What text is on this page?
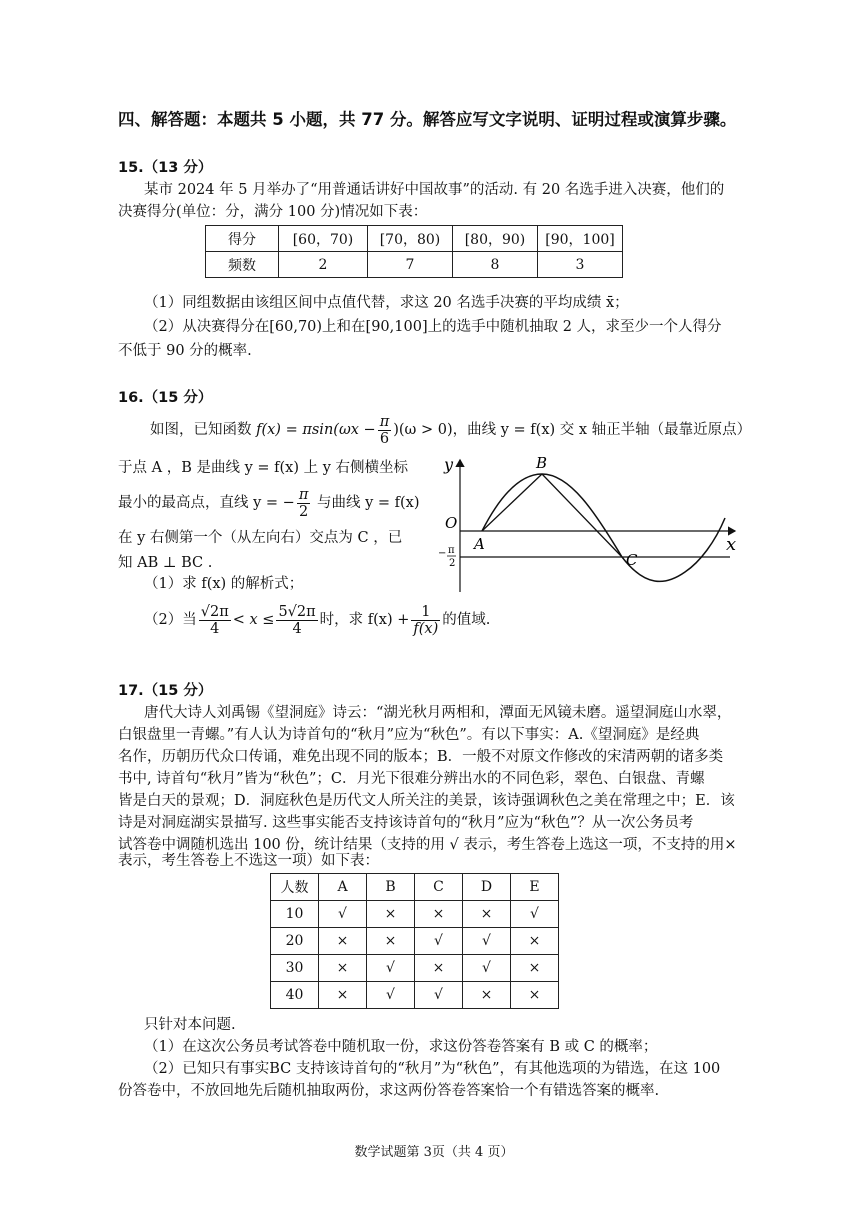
四、解答题：本题共 5 小题，共 77 分。解答应写文字说明、证明过程或演算步骤。
15.（13 分）
某市 2024 年 5 月举办了“用普通话讲好中国故事”的活动. 有 20 名选手进入决赛，他们的
决赛得分(单位：分，满分 100 分)情况如下表：
得分	[60，70)	[70，80)	[80，90)	[90，100]
频数	2	7	8	3
（1）同组数据由该组区间中点值代替，求这 20 名选手决赛的平均成绩 x̄；
（2）从决赛得分在[60,70)上和在[90,100]上的选手中随机抽取 2 人，求至少一个人得分
不低于 90 分的概率.
16.（15 分）
如图，已知函数 $f(x) = \pi\sin(\omega x - \frac{\pi}{6} )(\omega > 0)$，曲线 y = f(x) 交 x 轴正半轴（最靠近原点）
于点 A ，B 是曲线 y = f(x) 上 y 右侧横坐标
最小的最高点，直线 y = − $\frac{\pi}{2}$ 与曲线 y = f(x)
在 y 右侧第一个（从左向右）交点为 C ，已
知 AB ⊥ BC .
（1）求 f(x) 的解析式；
（2）当 $\frac{√2\pi}{4} < x \le \frac{5√2\pi}{4}$ 时，求 $f(x) + \frac{1}{f(x)}$ 的值域.
y
x
O
A
B
C
− π
2
17.（15 分）
唐代大诗人刘禹锡《望洞庭》诗云：“湖光秋月两相和，潭面无风镜未磨。遥望洞庭山水翠，
白银盘里一青螺。”有人认为诗首句的“秋月”应为“秋色”。有以下事实：A.《望洞庭》是经典
名作，历朝历代众口传诵，难免出现不同的版本；B．一般不对原文作修改的宋清两朝的诸多类
书中, 诗首句“秋月”皆为“秋色”；C．月光下很难分辨出水的不同色彩，翠色、白银盘、青螺
皆是白天的景观；D．洞庭秋色是历代文人所关注的美景，该诗强调秋色之美在常理之中；E．该
诗是对洞庭湖实景描写. 这些事实能否支持该诗首句的“秋月”应为“秋色”？从一次公务员考
试答卷中调随机选出 100 份，统计结果（支持的用 √ 表示，考生答卷上选这一项，不支持的用×
表示，考生答卷上不选这一项）如下表：
人数	A	B	C	D	E
10	√	×	×	×	√
20	×	×	√	√	×
30	×	√	×	√	×
40	×	√	√	×	×
只针对本问题.
（1）在这次公务员考试答卷中随机取一份，求这份答卷答案有 B 或 C 的概率；
（2）已知只有事实BC 支持该诗首句的“秋月”为“秋色”，有其他选项的为错选，在这 100
份答卷中，不放回地先后随机抽取两份，求这两份答卷答案恰一个有错选答案的概率.
数学试题第 3页（共 4 页）
